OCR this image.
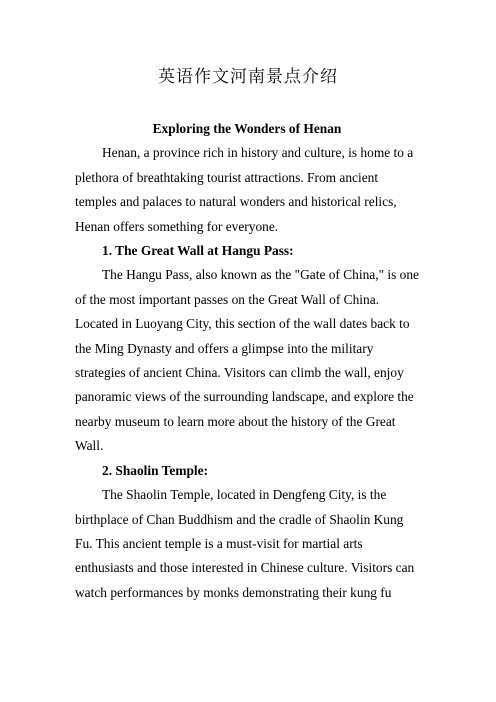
英语作文河南景点介绍

Exploring the Wonders of Henan

Henan, a province rich in history and culture, is home to a plethora of breathtaking tourist attractions. From ancient temples and palaces to natural wonders and historical relics, Henan offers something for everyone.

1. The Great Wall at Hangu Pass:

The Hangu Pass, also known as the "Gate of China," is one of the most important passes on the Great Wall of China. Located in Luoyang City, this section of the wall dates back to the Ming Dynasty and offers a glimpse into the military strategies of ancient China. Visitors can climb the wall, enjoy panoramic views of the surrounding landscape, and explore the nearby museum to learn more about the history of the Great Wall.

2. Shaolin Temple:

The Shaolin Temple, located in Dengfeng City, is the birthplace of Chan Buddhism and the cradle of Shaolin Kung Fu. This ancient temple is a must-visit for martial arts enthusiasts and those interested in Chinese culture. Visitors can watch performances by monks demonstrating their kung fu
